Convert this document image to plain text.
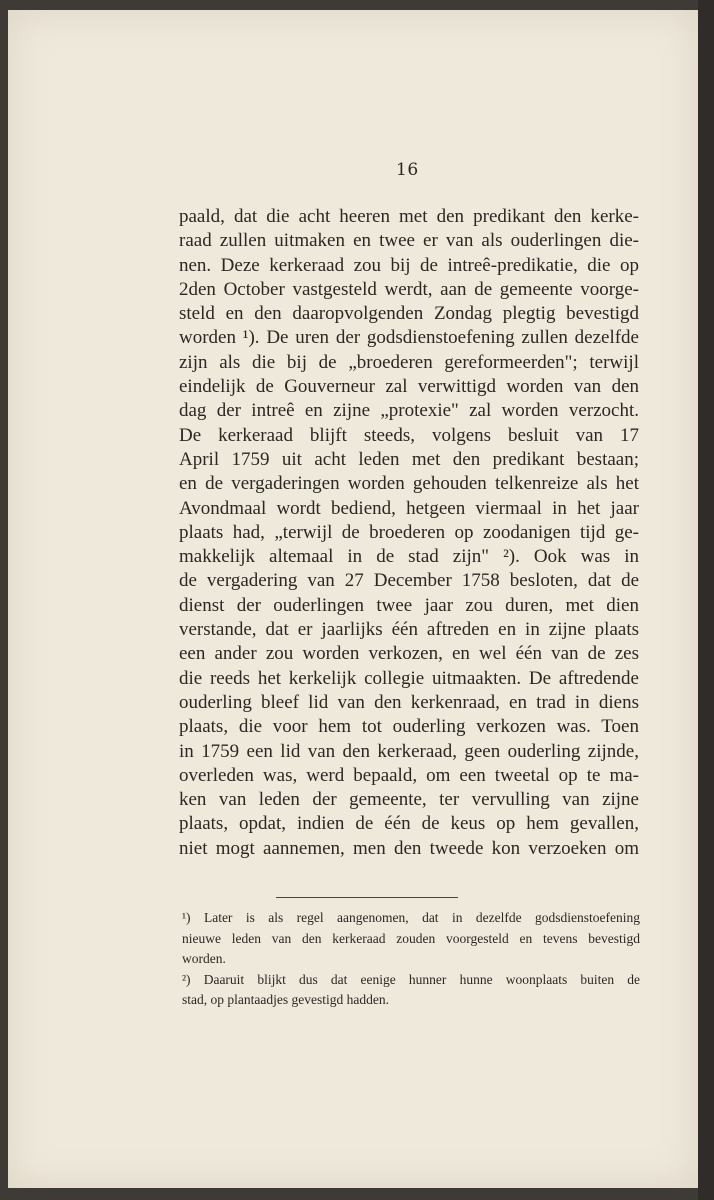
16
paald, dat die acht heeren met den predikant den kerke-
raad zullen uitmaken en twee er van als ouderlingen die-
nen. Deze kerkeraad zou bij de intreê-predikatie, die op
2den October vastgesteld werdt, aan de gemeente voorge-
steld en den daaropvolgenden Zondag plegtig bevestigd
worden ¹). De uren der godsdienstoefening zullen dezelfde
zijn als die bij de „broederen gereformeerden"; terwijl
eindelijk de Gouverneur zal verwittigd worden van den
dag der intreê en zijne „protexie" zal worden verzocht.
De kerkeraad blijft steeds, volgens besluit van 17
April 1759 uit acht leden met den predikant bestaan;
en de vergaderingen worden gehouden telkenreize als het
Avondmaal wordt bediend, hetgeen viermaal in het jaar
plaats had, „terwijl de broederen op zoodanigen tijd ge-
makkelijk altemaal in de stad zijn" ²). Ook was in
de vergadering van 27 December 1758 besloten, dat de
dienst der ouderlingen twee jaar zou duren, met dien
verstande, dat er jaarlijks één aftreden en in zijne plaats
een ander zou worden verkozen, en wel één van de zes
die reeds het kerkelijk collegie uitmaakten. De aftredende
ouderling bleef lid van den kerkenraad, en trad in diens
plaats, die voor hem tot ouderling verkozen was. Toen
in 1759 een lid van den kerkeraad, geen ouderling zijnde,
overleden was, werd bepaald, om een tweetal op te ma-
ken van leden der gemeente, ter vervulling van zijne
plaats, opdat, indien de één de keus op hem gevallen,
niet mogt aannemen, men den tweede kon verzoeken om
¹) Later is als regel aangenomen, dat in dezelfde godsdienstoefening
nieuwe leden van den kerkeraad zouden voorgesteld en tevens bevestigd
worden.
²) Daaruit blijkt dus dat eenige hunner hunne woonplaats buiten de
stad, op plantaadjes gevestigd hadden.
